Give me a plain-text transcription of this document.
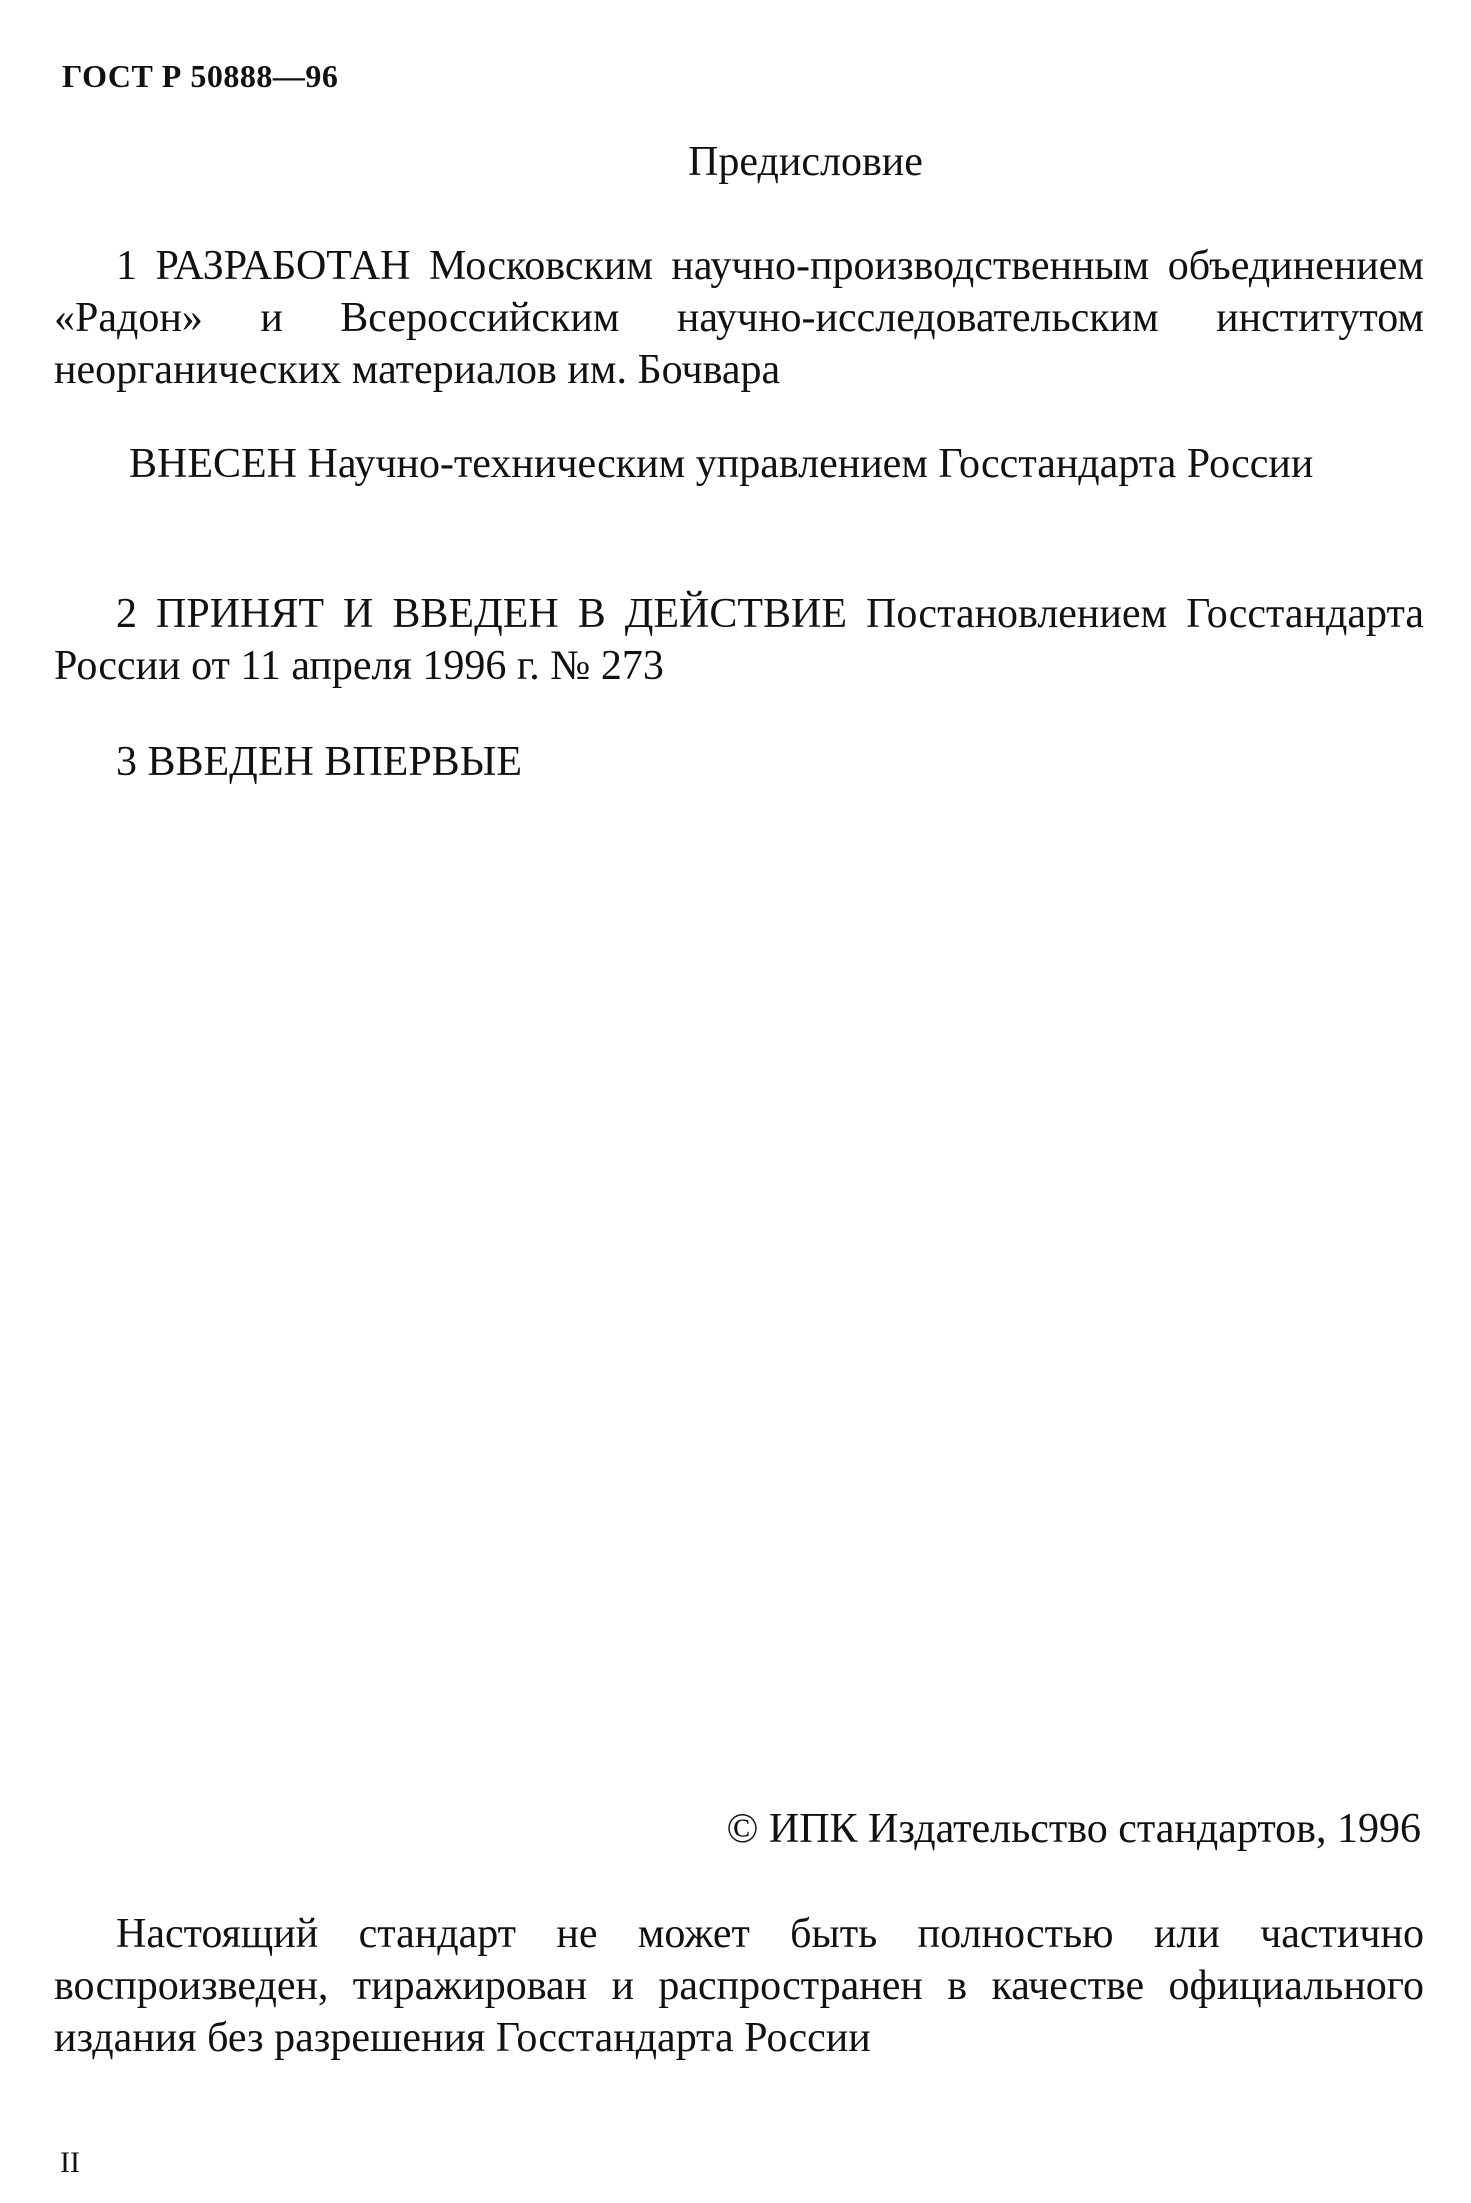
ГОСТ Р 50888—96
Предисловие
1 РАЗРАБОТАН Московским научно-производственным объединением «Радон» и Всероссийским научно-исследовательским институтом неорганических материалов им. Бочвара
ВНЕСЕН Научно-техническим управлением Госстандарта России
2 ПРИНЯТ И ВВЕДЕН В ДЕЙСТВИЕ Постановлением Госстандарта России от 11 апреля 1996 г. № 273
3 ВВЕДЕН ВПЕРВЫЕ
© ИПК Издательство стандартов, 1996
Настоящий стандарт не может быть полностью или частично воспроизведен, тиражирован и распространен в качестве официального издания без разрешения Госстандарта России
II
